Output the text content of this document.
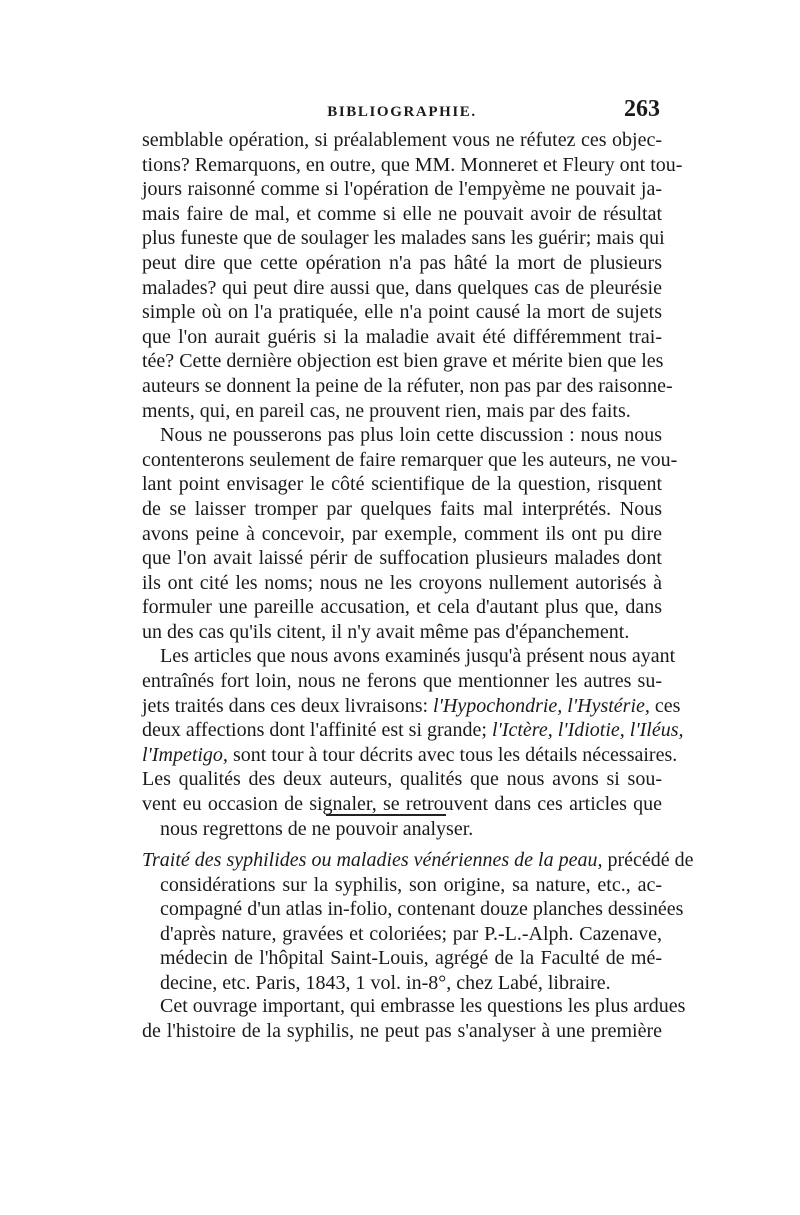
BIBLIOGRAPHIE.	263
semblable opération, si préalablement vous ne réfutez ces objec-
tions? Remarquons, en outre, que MM. Monneret et Fleury ont tou-
jours raisonné comme si l'opération de l'empyème ne pouvait ja-
mais faire de mal, et comme si elle ne pouvait avoir de résultat
plus funeste que de soulager les malades sans les guérir; mais qui
peut dire que cette opération n'a pas hâté la mort de plusieurs
malades? qui peut dire aussi que, dans quelques cas de pleurésie
simple où on l'a pratiquée, elle n'a point causé la mort de sujets
que l'on aurait guéris si la maladie avait été différemment trai-
tée? Cette dernière objection est bien grave et mérite bien que les
auteurs se donnent la peine de la réfuter, non pas par des raisonne-
ments, qui, en pareil cas, ne prouvent rien, mais par des faits.
Nous ne pousserons pas plus loin cette discussion : nous nous
contenterons seulement de faire remarquer que les auteurs, ne vou-
lant point envisager le côté scientifique de la question, risquent
de se laisser tromper par quelques faits mal interprétés. Nous
avons peine à concevoir, par exemple, comment ils ont pu dire
que l'on avait laissé périr de suffocation plusieurs malades dont
ils ont cité les noms; nous ne les croyons nullement autorisés à
formuler une pareille accusation, et cela d'autant plus que, dans
un des cas qu'ils citent, il n'y avait même pas d'épanchement.
Les articles que nous avons examinés jusqu'à présent nous ayant
entraînés fort loin, nous ne ferons que mentionner les autres su-
jets traités dans ces deux livraisons: l'Hypochondrie, l'Hystérie, ces
deux affections dont l'affinité est si grande; l'Ictère, l'Idiotie, l'Iléus,
l'Impetigo, sont tour à tour décrits avec tous les détails nécessaires.
Les qualités des deux auteurs, qualités que nous avons si sou-
vent eu occasion de signaler, se retrouvent dans ces articles que
nous regrettons de ne pouvoir analyser.
Traité des syphilides ou maladies vénériennes de la peau, précédé de
considérations sur la syphilis, son origine, sa nature, etc., ac-
compagné d'un atlas in-folio, contenant douze planches dessinées
d'après nature, gravées et coloriées; par P.-L.-Alph. Cazenave,
médecin de l'hôpital Saint-Louis, agrégé de la Faculté de mé-
decine, etc. Paris, 1843, 1 vol. in-8°, chez Labé, libraire.
Cet ouvrage important, qui embrasse les questions les plus ardues
de l'histoire de la syphilis, ne peut pas s'analyser à une première
